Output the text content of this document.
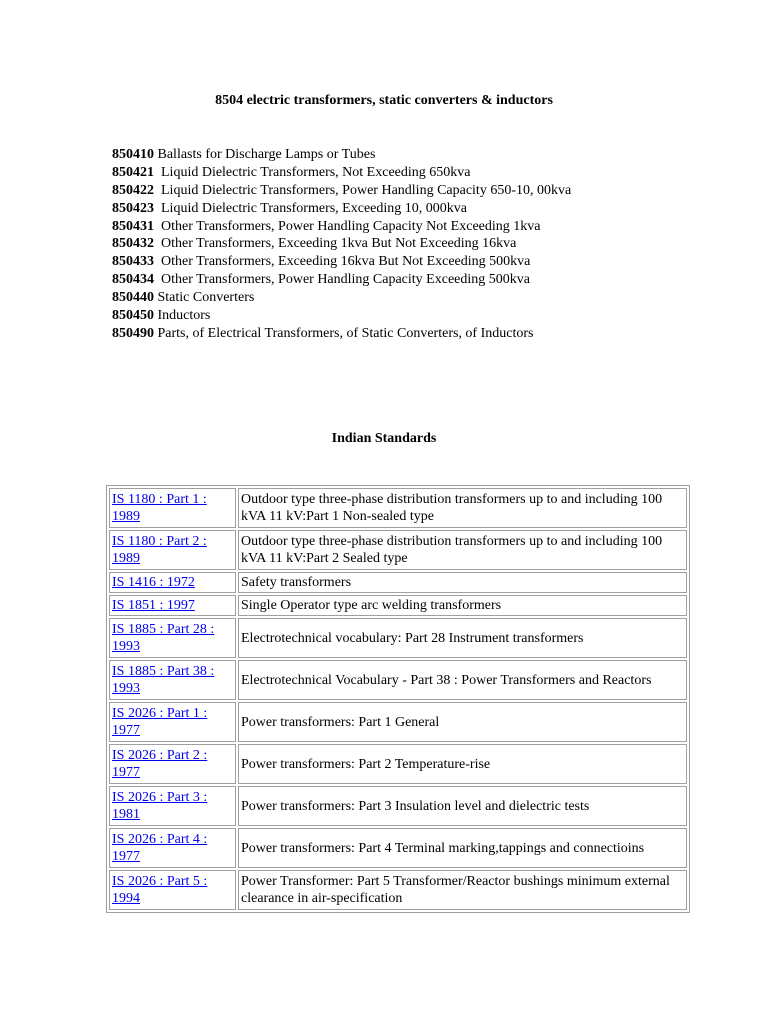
8504 electric transformers, static converters & inductors
850410 Ballasts for Discharge Lamps or Tubes
850421  Liquid Dielectric Transformers, Not Exceeding 650kva
850422  Liquid Dielectric Transformers, Power Handling Capacity 650-10, 00kva
850423  Liquid Dielectric Transformers, Exceeding 10, 000kva
850431  Other Transformers, Power Handling Capacity Not Exceeding 1kva
850432  Other Transformers, Exceeding 1kva But Not Exceeding 16kva
850433  Other Transformers, Exceeding 16kva But Not Exceeding 500kva
850434  Other Transformers, Power Handling Capacity Exceeding 500kva
850440 Static Converters
850450 Inductors
850490 Parts, of Electrical Transformers, of Static Converters, of Inductors
Indian Standards
IS 1180 : Part 1 : 1989	Outdoor type three-phase distribution transformers up to and including 100 kVA 11 kV:Part 1 Non-sealed type
IS 1180 : Part 2 : 1989	Outdoor type three-phase distribution transformers up to and including 100 kVA 11 kV:Part 2 Sealed type
IS 1416 : 1972	Safety transformers
IS 1851 : 1997	Single Operator type arc welding transformers
IS 1885 : Part 28 : 1993	Electrotechnical vocabulary: Part 28 Instrument transformers
IS 1885 : Part 38 : 1993	Electrotechnical Vocabulary - Part 38 : Power Transformers and Reactors
IS 2026 : Part 1 : 1977	Power transformers: Part 1 General
IS 2026 : Part 2 : 1977	Power transformers: Part 2 Temperature-rise
IS 2026 : Part 3 : 1981	Power transformers: Part 3 Insulation level and dielectric tests
IS 2026 : Part 4 : 1977	Power transformers: Part 4 Terminal marking,tappings and connectioins
IS 2026 : Part 5 : 1994	Power Transformer: Part 5 Transformer/Reactor bushings minimum external clearance in air-specification
